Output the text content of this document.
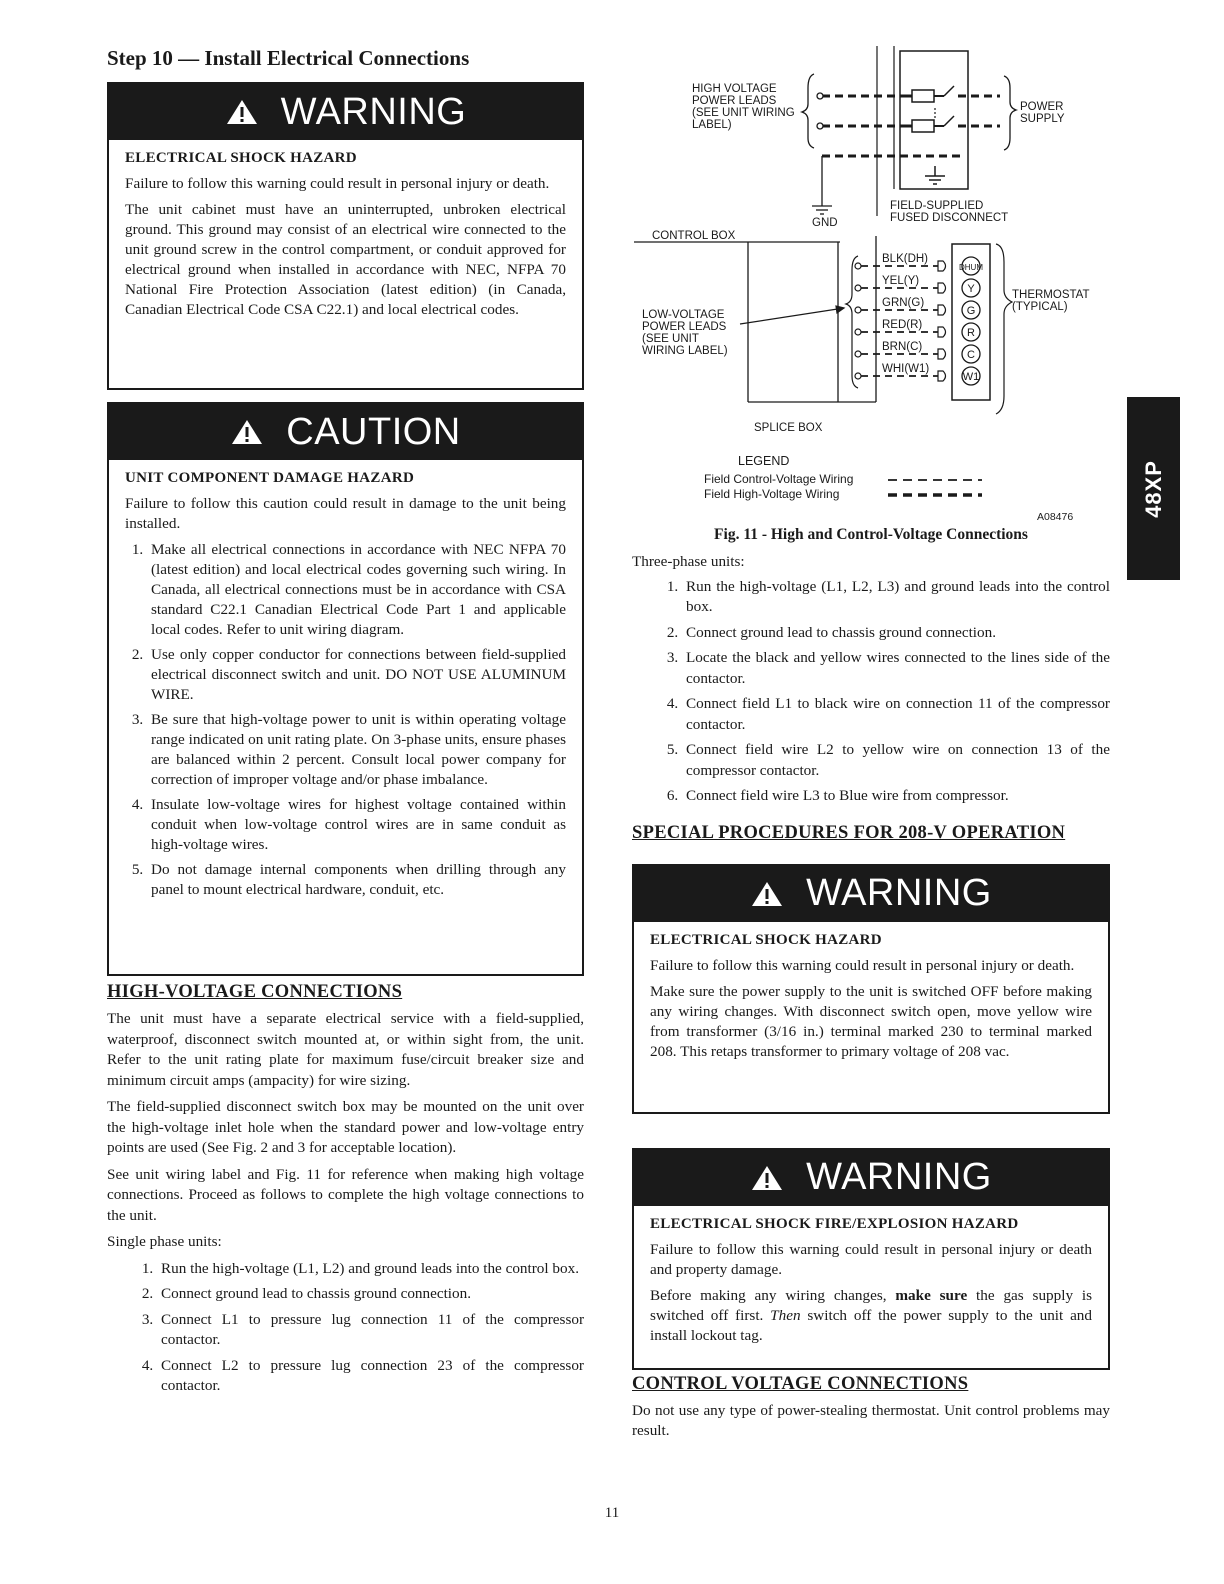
Step 10 — Install Electrical Connections
WARNING
ELECTRICAL SHOCK HAZARD

Failure to follow this warning could result in personal injury or death.

The unit cabinet must have an uninterrupted, unbroken electrical ground. This ground may consist of an electrical wire connected to the unit ground screw in the control compartment, or conduit approved for electrical ground when installed in accordance with NEC, NFPA 70 National Fire Protection Association (latest edition) (in Canada, Canadian Electrical Code CSA C22.1) and local electrical codes.

CAUTION
UNIT COMPONENT DAMAGE HAZARD

Failure to follow this caution could result in damage to the unit being installed.

1. Make all electrical connections in accordance with NEC NFPA 70 (latest edition) and local electrical codes governing such wiring. In Canada, all electrical connections must be in accordance with CSA standard C22.1 Canadian Electrical Code Part 1 and applicable local codes. Refer to unit wiring diagram.
2. Use only copper conductor for connections between field-supplied electrical disconnect switch and unit. DO NOT USE ALUMINUM WIRE.
3. Be sure that high-voltage power to unit is within operating voltage range indicated on unit rating plate. On 3-phase units, ensure phases are balanced within 2 percent. Consult local power company for correction of improper voltage and/or phase imbalance.
4. Insulate low-voltage wires for highest voltage contained within conduit when low-voltage control wires are in same conduit as high-voltage wires.
5. Do not damage internal components when drilling through any panel to mount electrical hardware, conduit, etc.
HIGH-VOLTAGE CONNECTIONS

The unit must have a separate electrical service with a field-supplied, waterproof, disconnect switch mounted at, or within sight from, the unit. Refer to the unit rating plate for maximum fuse/circuit breaker size and minimum circuit amps (ampacity) for wire sizing.

The field-supplied disconnect switch box may be mounted on the unit over the high-voltage inlet hole when the standard power and low-voltage entry points are used (See Fig. 2 and 3 for acceptable location).

See unit wiring label and Fig. 11 for reference when making high voltage connections. Proceed as follows to complete the high voltage connections to the unit.

Single phase units:

1. Run the high-voltage (L1, L2) and ground leads into the control box.
2. Connect ground lead to chassis ground connection.
3. Connect L1 to pressure lug connection 11 of the compressor contactor.
4. Connect L2 to pressure lug connection 23 of the compressor contactor.
HIGH VOLTAGE
POWER LEADS
(SEE UNIT WIRING
LABEL)
POWER
SUPPLY
GND
FIELD-SUPPLIED
FUSED DISCONNECT
CONTROL BOX
LOW-VOLTAGE
POWER LEADS
(SEE UNIT
WIRING LABEL)
THERMOSTAT
(TYPICAL)
SPLICE BOX
BLK(DH)
DHUM
YEL(Y)
Y
GRN(G)
G
RED(R)
R
BRN(C)
C
WHI(W1)
W1
LEGEND
Field Control-Voltage Wiring
Field High-Voltage Wiring
A08476
Fig. 11 - High and Control-Voltage Connections

Three-phase units:

1. Run the high-voltage (L1, L2, L3) and ground leads into the control box.
2. Connect ground lead to chassis ground connection.
3. Locate the black and yellow wires connected to the lines side of the contactor.
4. Connect field L1 to black wire on connection 11 of the compressor contactor.
5. Connect field wire L2 to yellow wire on connection 13 of the compressor contactor.
6. Connect field wire L3 to Blue wire from compressor.
SPECIAL PROCEDURES FOR 208-V OPERATION
WARNING
ELECTRICAL SHOCK HAZARD

Failure to follow this warning could result in personal injury or death.

Make sure the power supply to the unit is switched OFF before making any wiring changes. With disconnect switch open, move yellow wire from transformer (3/16 in.) terminal marked 230 to terminal marked 208. This retaps transformer to primary voltage of 208 vac.

WARNING
ELECTRICAL SHOCK FIRE/EXPLOSION HAZARD

Failure to follow this warning could result in personal injury or death and property damage.

Before making any wiring changes, make sure the gas supply is switched off first. Then switch off the power supply to the unit and install lockout tag.

CONTROL VOLTAGE CONNECTIONS
Do not use any type of power-stealing thermostat. Unit control problems may result.
48XP
11
